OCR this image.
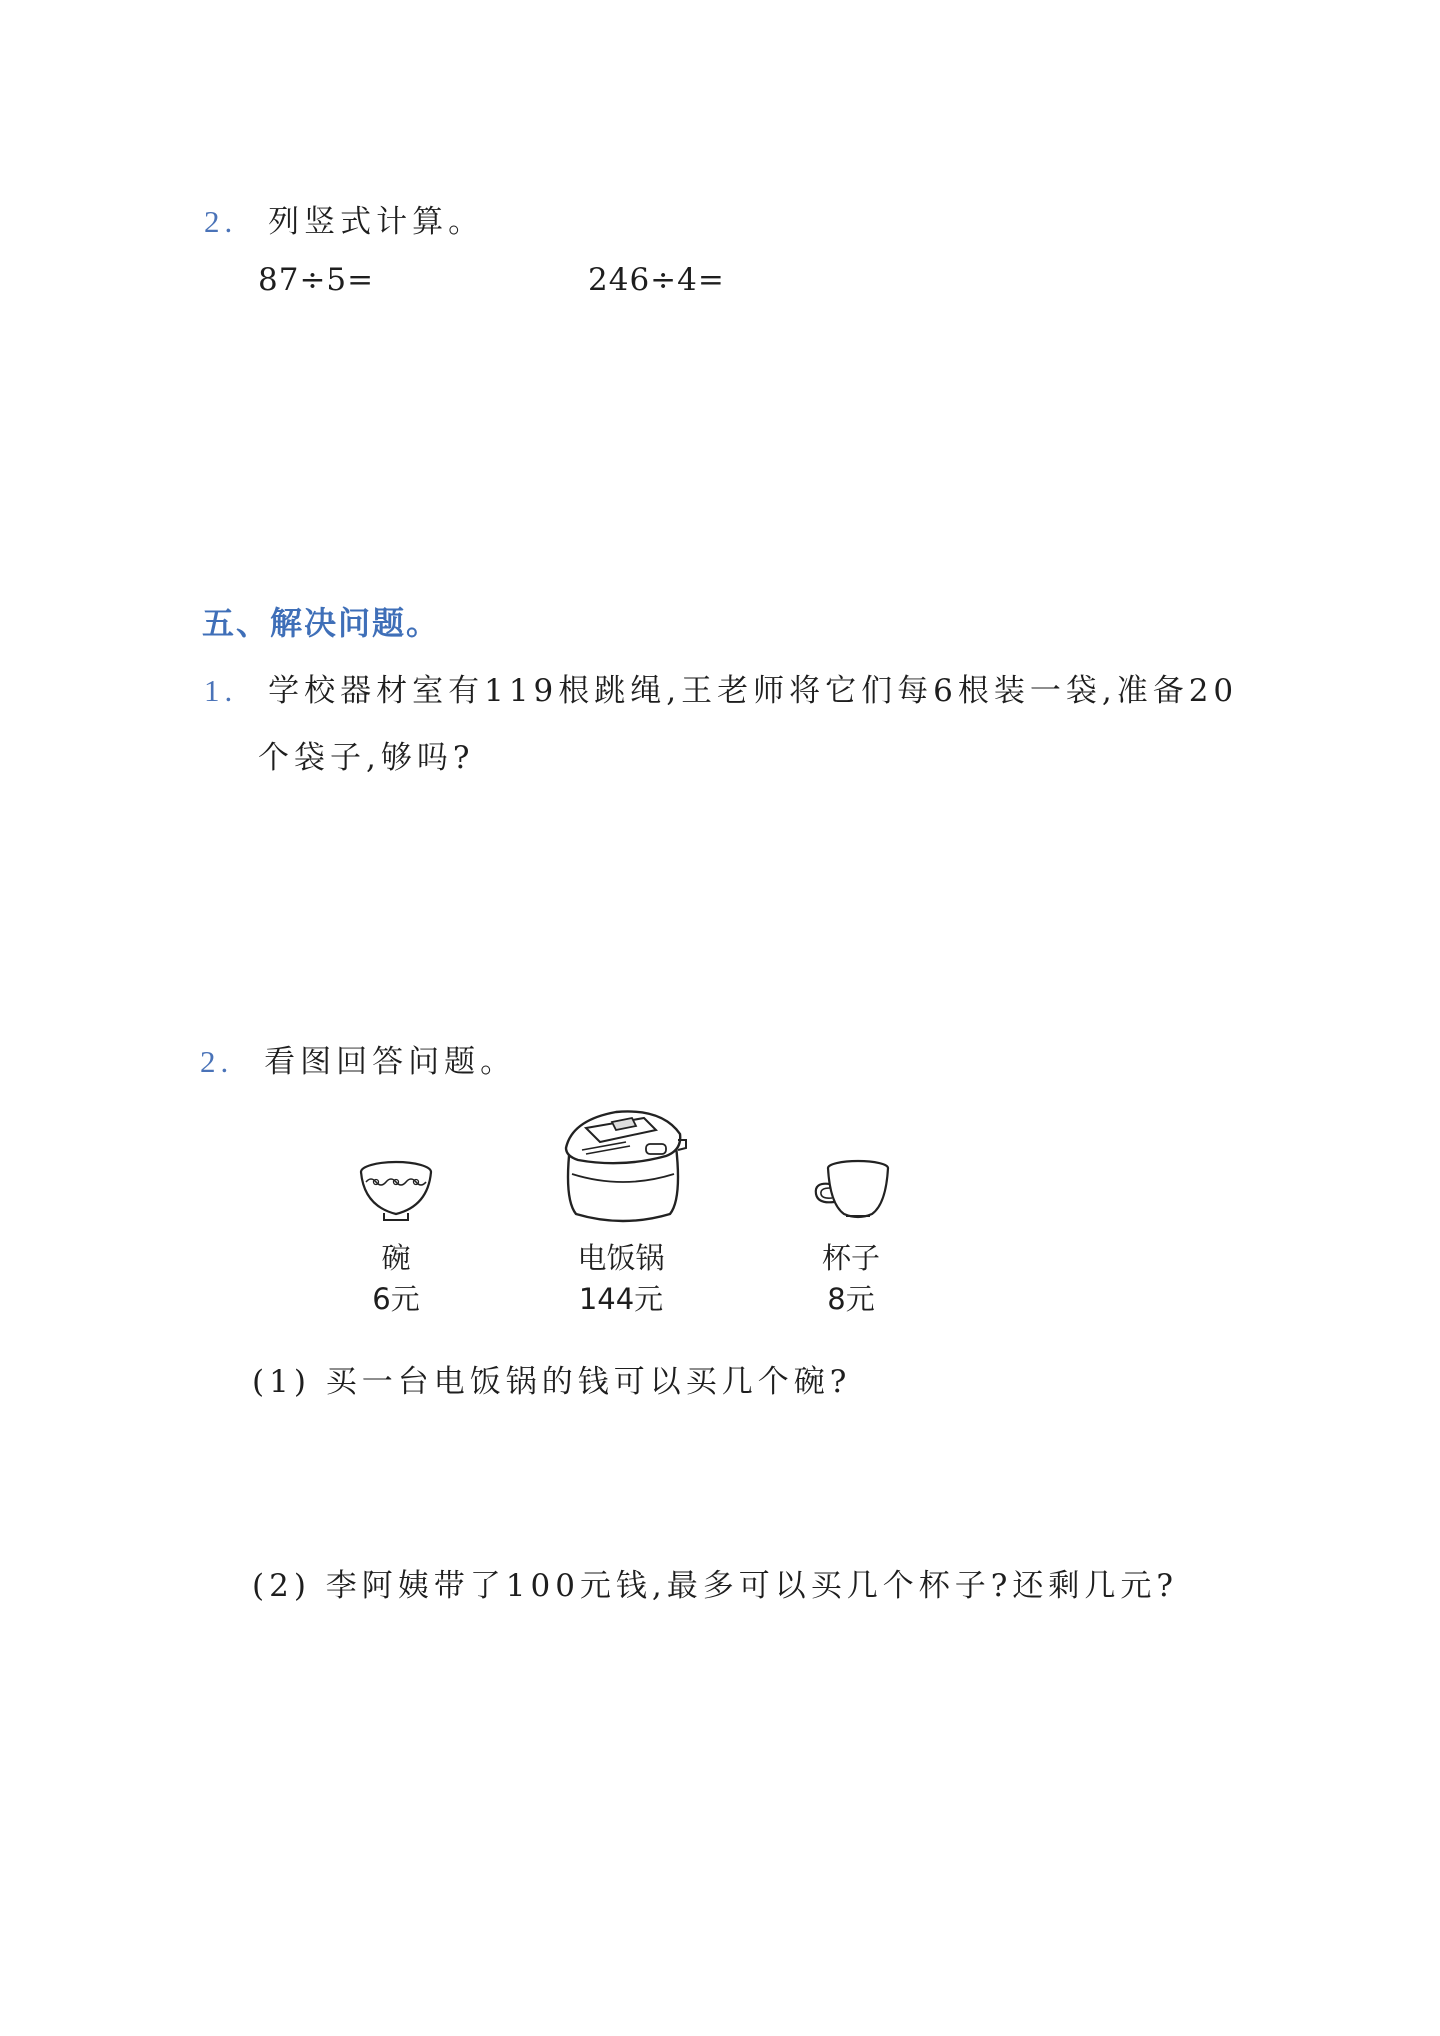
2. 列竖式计算。
87÷5=	246÷4=
五、解决问题。
1. 学校器材室有119根跳绳,王老师将它们每6根装一袋,准备20
个袋子,够吗?
2. 看图回答问题。
碗
6元
电饭锅
144元
杯子
8元
(1) 买一台电饭锅的钱可以买几个碗?
(2) 李阿姨带了100元钱,最多可以买几个杯子?还剩几元?
